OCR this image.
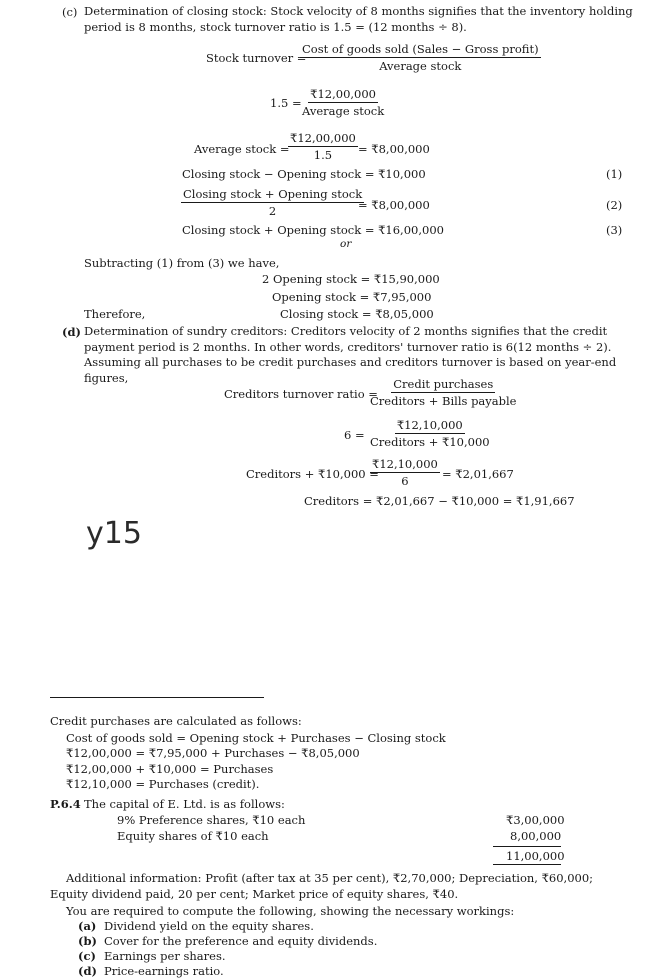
(c) Determination of closing stock: Stock velocity of 8 months signifies that the inventory holding period is 8 months, stock turnover ratio is 1.5 = (12 months ÷ 8).
Stock turnover =
Cost of goods sold (Sales − Gross profit)
Average stock
1.5 =
₹12,00,000
Average stock
Average stock =
$\frac{₹12,00,000}{1.5}$ = ₹8,00,000
Closing stock − Opening stock = ₹10,000	(1)
Closing stock + Opening stock
2	= ₹8,00,000	(2)
Closing stock + Opening stock = ₹16,00,000	(3)
or
Subtracting (1) from (3) we have,
2 Opening stock = ₹15,90,000
Opening stock = ₹7,95,000
Therefore,	Closing stock = ₹8,05,000
(d) Determination of sundry creditors: Creditors velocity of 2 months signifies that the credit payment period is 2 months. In other words, creditors' turnover ratio is 6(12 months ÷ 2). Assuming all purchases to be credit purchases and creditors turnover is based on year-end figures,
Creditors turnover ratio =
Credit purchases
Creditors + Bills payable
6 =
₹12,10,000
Creditors + ₹10,000
Creditors + ₹10,000 =
$\frac{₹12,10,000}{6}$ = ₹2,01,667
Creditors = ₹2,01,667 − ₹10,000 = ₹1,91,667
y15
Credit purchases are calculated as follows:
Cost of goods sold = Opening stock + Purchases − Closing stock
₹12,00,000 = ₹7,95,000 + Purchases − ₹8,05,000
₹12,00,000 + ₹10,000 = Purchases
₹12,10,000 = Purchases (credit).
P.6.4 The capital of E. Ltd. is as follows:
9% Preference shares, ₹10 each	₹3,00,000
Equity shares of ₹10 each	8,00,000
11,00,000
Additional information: Profit (after tax at 35 per cent), ₹2,70,000; Depreciation, ₹60,000; Equity dividend paid, 20 per cent; Market price of equity shares, ₹40.
You are required to compute the following, showing the necessary workings:
(a) Dividend yield on the equity shares.
(b) Cover for the preference and equity dividends.
(c) Earnings per shares.
(d) Price-earnings ratio.
